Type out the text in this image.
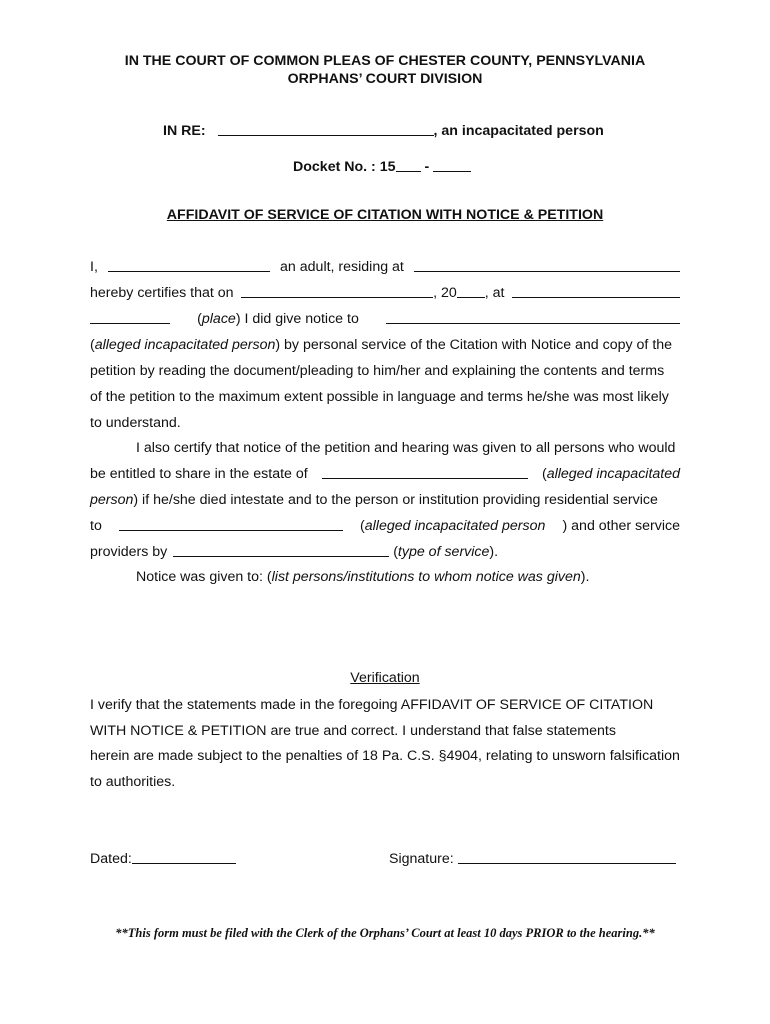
IN THE COURT OF COMMON PLEAS OF CHESTER COUNTY, PENNSYLVANIA
ORPHANS’ COURT DIVISION
IN RE:	, an incapacitated person
Docket No. : 15 -
AFFIDAVIT OF SERVICE OF CITATION WITH NOTICE & PETITION
I,	an adult, residing at
hereby certifies that on	, 20 , at
(place) I did give notice to
(alleged incapacitated person) by personal service of the Citation with Notice and copy of the
petition by reading the document/pleading to him/her and explaining the contents and terms
of the petition to the maximum extent possible in language and terms he/she was most likely
to understand.
I also certify that notice of the petition and hearing was given to all persons who would
be entitled to share in the estate of	(alleged incapacitated
person) if he/she died intestate and to the person or institution providing residential service
to	(alleged incapacitated person ) and other service
providers by	(type of service).
Notice was given to: (list persons/institutions to whom notice was given).
Verification
I verify that the statements made in the foregoing AFFIDAVIT OF SERVICE OF CITATION
WITH NOTICE & PETITION are true and correct. I understand that false statements
herein are made subject to the penalties of 18 Pa. C.S. §4904, relating to unsworn falsification
to authorities.
Dated:	Signature:
**This form must be filed with the Clerk of the Orphans’ Court at least 10 days PRIOR to the hearing.**
